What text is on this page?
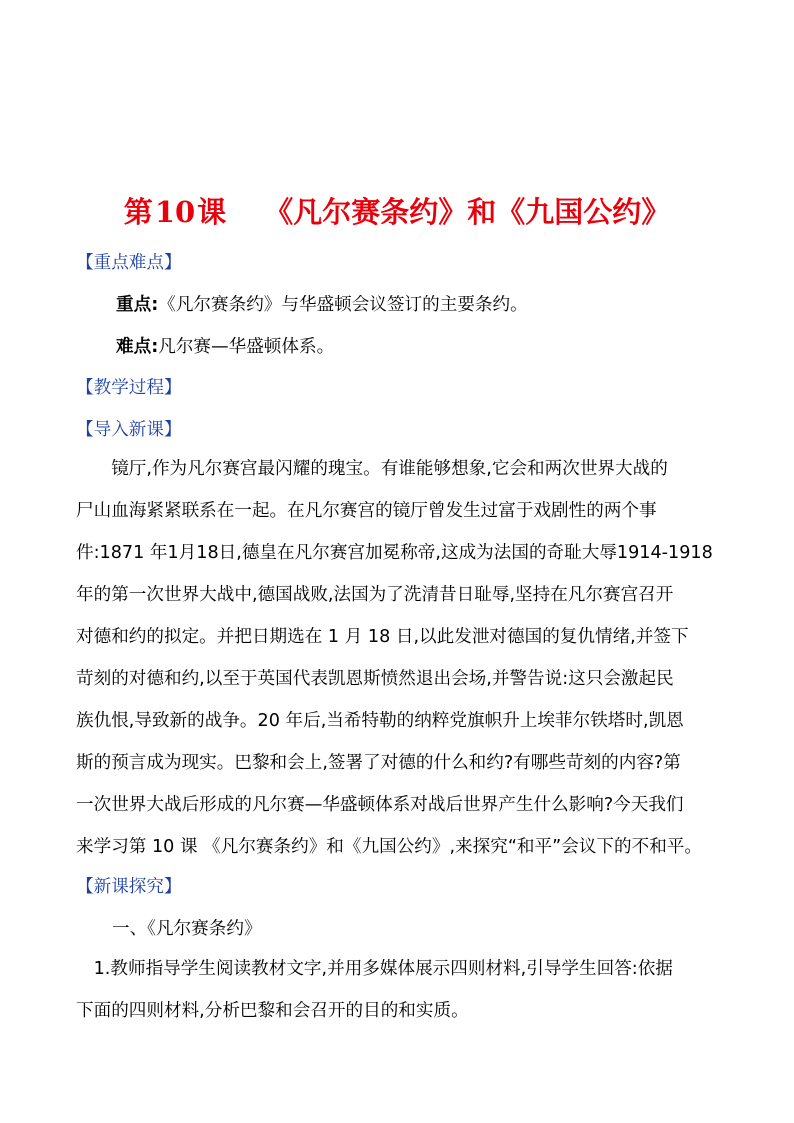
第10课 《凡尔赛条约》和《九国公约》
【重点难点】
重点:《凡尔赛条约》与华盛顿会议签订的主要条约。
难点:凡尔赛—华盛顿体系。
【教学过程】
【导入新课】
　　镜厅,作为凡尔赛宫最闪耀的瑰宝。有谁能够想象,它会和两次世界大战的
尸山血海紧紧联系在一起。在凡尔赛宫的镜厅曾发生过富于戏剧性的两个事
件:1871 年1月18日,德皇在凡尔赛宫加冕称帝,这成为法国的奇耻大辱1914-1918
年的第一次世界大战中,德国战败,法国为了洗清昔日耻辱,坚持在凡尔赛宫召开
对德和约的拟定。并把日期选在 1 月 18 日,以此发泄对德国的复仇情绪,并签下
苛刻的对德和约,以至于英国代表凯恩斯愤然退出会场,并警告说:这只会激起民
族仇恨,导致新的战争。20 年后,当希特勒的纳粹党旗帜升上埃菲尔铁塔时,凯恩
斯的预言成为现实。巴黎和会上,签署了对德的什么和约?有哪些苛刻的内容?第
一次世界大战后形成的凡尔赛—华盛顿体系对战后世界产生什么影响?今天我们
来学习第 10 课 《凡尔赛条约》和《九国公约》,来探究“和平”会议下的不和平。
【新课探究】
一、《凡尔赛条约》
　1.教师指导学生阅读教材文字,并用多媒体展示四则材料,引导学生回答:依据
下面的四则材料,分析巴黎和会召开的目的和实质。
